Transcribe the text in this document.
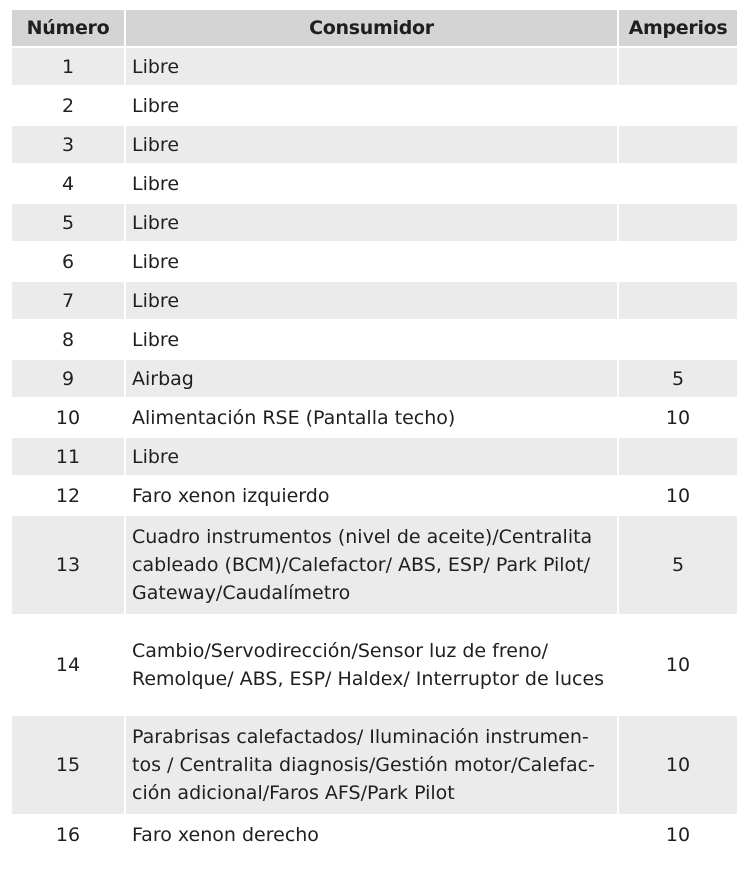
Número	Consumidor	Amperios
1	Libre	
2	Libre	
3	Libre	
4	Libre	
5	Libre	
6	Libre	
7	Libre	
8	Libre	
9	Airbag	5
10	Alimentación RSE (Pantalla techo)	10
11	Libre	
12	Faro xenon izquierdo	10
13	Cuadro instrumentos (nivel de aceite)/Centralita cableado (BCM)/Calefactor/ ABS, ESP/ Park Pilot/ Gateway/Caudalímetro	5
14	Cambio/Servodirección/Sensor luz de freno/ Remolque/ ABS, ESP/ Haldex/ Interruptor de luces	10
15	Parabrisas calefactados/ Iluminación instrumen-tos / Centralita diagnosis/Gestión motor/Calefac-ción adicional/Faros AFS/Park Pilot	10
16	Faro xenon derecho	10
